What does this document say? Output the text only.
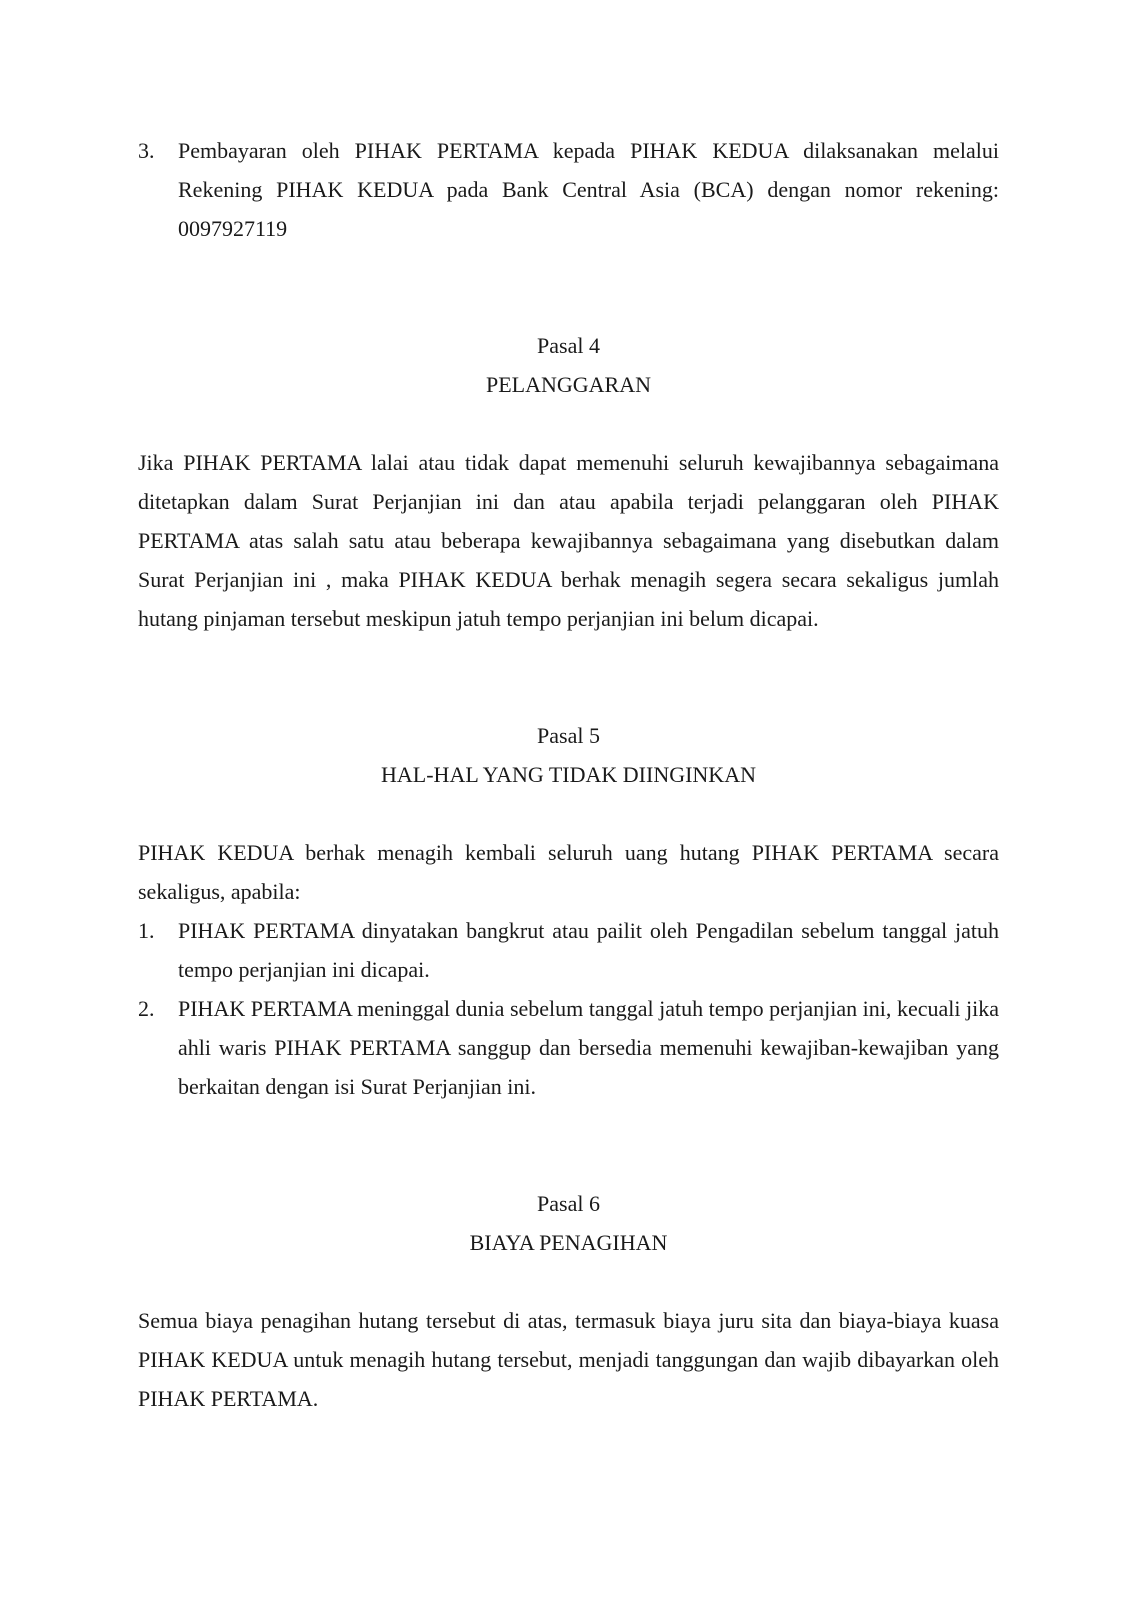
3.	Pembayaran oleh PIHAK PERTAMA kepada PIHAK KEDUA dilaksanakan melalui Rekening PIHAK KEDUA pada Bank Central Asia (BCA) dengan nomor rekening: 0097927119

Pasal 4

PELANGGARAN

Jika PIHAK PERTAMA lalai atau tidak dapat memenuhi seluruh kewajibannya sebagaimana ditetapkan dalam Surat Perjanjian ini dan atau apabila terjadi pelanggaran oleh PIHAK PERTAMA atas salah satu atau beberapa kewajibannya sebagaimana yang disebutkan dalam Surat Perjanjian ini , maka PIHAK KEDUA berhak menagih segera secara sekaligus jumlah hutang pinjaman tersebut meskipun jatuh tempo perjanjian ini belum dicapai.

Pasal 5

HAL-HAL YANG TIDAK DIINGINKAN

PIHAK KEDUA berhak menagih kembali seluruh uang hutang PIHAK PERTAMA secara sekaligus, apabila:

1.	PIHAK PERTAMA dinyatakan bangkrut atau pailit oleh Pengadilan sebelum tanggal jatuh tempo perjanjian ini dicapai.
2.	PIHAK PERTAMA meninggal dunia sebelum tanggal jatuh tempo perjanjian ini, kecuali jika ahli waris PIHAK PERTAMA sanggup dan bersedia memenuhi kewajiban-kewajiban yang berkaitan dengan isi Surat Perjanjian ini.

Pasal 6

BIAYA PENAGIHAN

Semua biaya penagihan hutang tersebut di atas, termasuk biaya juru sita dan biaya-biaya kuasa PIHAK KEDUA untuk menagih hutang tersebut, menjadi tanggungan dan wajib dibayarkan oleh PIHAK PERTAMA.
